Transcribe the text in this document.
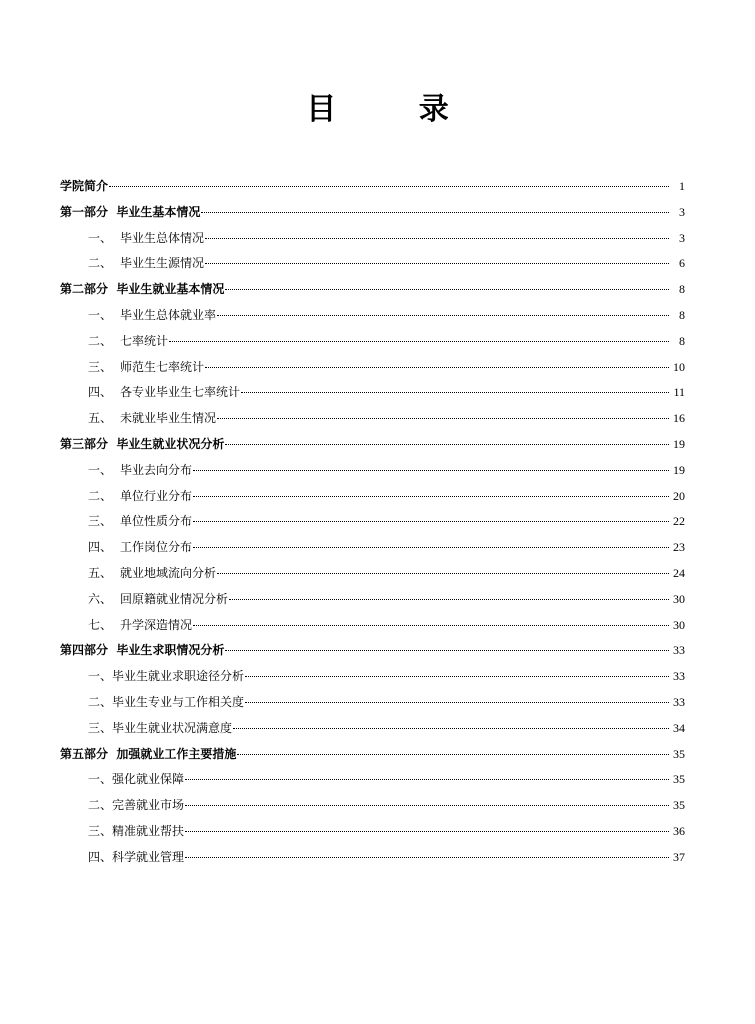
目 录
学院简介	1
第一部分  毕业生基本情况	3
一、 毕业生总体情况	3
二、 毕业生生源情况	6
第二部分  毕业生就业基本情况	8
一、 毕业生总体就业率	8
二、 七率统计	8
三、 师范生七率统计	10
四、 各专业毕业生七率统计	11
五、 未就业毕业生情况	16
第三部分  毕业生就业状况分析	19
一、 毕业去向分布	19
二、 单位行业分布	20
三、 单位性质分布	22
四、 工作岗位分布	23
五、 就业地域流向分析	24
六、 回原籍就业情况分析	30
七、 升学深造情况	30
第四部分  毕业生求职情况分析	33
一、 毕业生就业求职途径分析	33
二、 毕业生专业与工作相关度	33
三、 毕业生就业状况满意度	34
第五部分  加强就业工作主要措施	35
一、 强化就业保障	35
二、 完善就业市场	35
三、 精准就业帮扶	36
四、 科学就业管理	37
